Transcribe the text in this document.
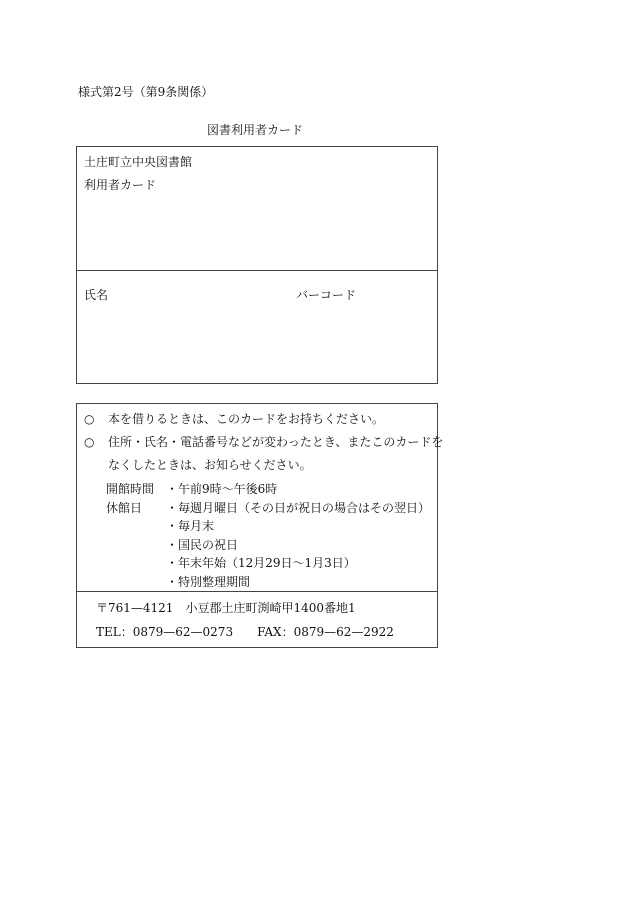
様式第2号（第9条関係）
図書利用者カード
土庄町立中央図書館
利用者カード
氏名	バーコード
○ 本を借りるときは、このカードをお持ちください。
○ 住所・氏名・電話番号などが変わったとき、またこのカードを
なくしたときは、お知らせください。
開館時間 ・午前9時〜午後6時
休館日 ・毎週月曜日（その日が祝日の場合はその翌日）
・毎月末
・国民の祝日
・年末年始（12月29日〜1月3日）
・特別整理期間
〒761—4121　小豆郡土庄町渕崎甲1400番地1
TEL：0879—62—0273　　FAX：0879—62—2922
